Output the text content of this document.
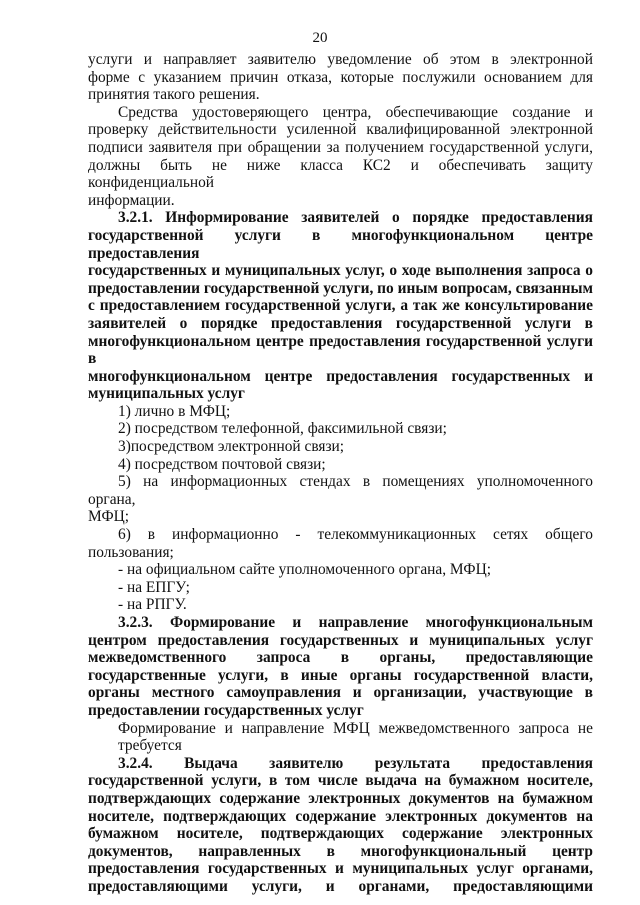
20

услуги и направляет заявителю уведомление об этом в электронной

форме с указанием причин отказа, которые послужили основанием для

принятия такого решения.

Средства удостоверяющего центра, обеспечивающие создание и

проверку действительности усиленной квалифицированной электронной

подписи заявителя при обращении за получением государственной услуги,

должны быть не ниже класса КС2 и обеспечивать защиту конфиденциальной

информации.

3.2.1. Информирование заявителей о порядке предоставления

государственной услуги в многофункциональном центре предоставления

государственных и муниципальных услуг, о ходе выполнения запроса о

предоставлении государственной услуги, по иным вопросам, связанным

с предоставлением государственной услуги, а так же консультирование

заявителей о порядке предоставления государственной услуги в

многофункциональном центре предоставления государственной услуги в

многофункциональном центре предоставления государственных и

муниципальных услуг

1) лично в МФЦ;

2) посредством телефонной, факсимильной связи;

3)посредством электронной связи;

4) посредством почтовой связи;

5) на информационных стендах в помещениях уполномоченного органа,

МФЦ;

6) в информационно - телекоммуникационных сетях общего

пользования;

- на официальном сайте уполномоченного органа, МФЦ;

- на ЕПГУ;

- на РПГУ.

3.2.3. Формирование и направление многофункциональным

центром предоставления государственных и муниципальных услуг

межведомственного запроса в органы, предоставляющие

государственные услуги, в иные органы государственной власти,

органы местного самоуправления и организации, участвующие в

предоставлении государственных услуг

Формирование и направление МФЦ межведомственного запроса не

требуется

3.2.4. Выдача заявителю результата предоставления

государственной услуги, в том числе выдача на бумажном носителе,

подтверждающих содержание электронных документов на бумажном

носителе, подтверждающих содержание электронных документов на

бумажном носителе, подтверждающих содержание электронных

документов, направленных в многофункциональный центр

предоставления государственных и муниципальных услуг органами,

предоставляющими услуги, и органами, предоставляющими
